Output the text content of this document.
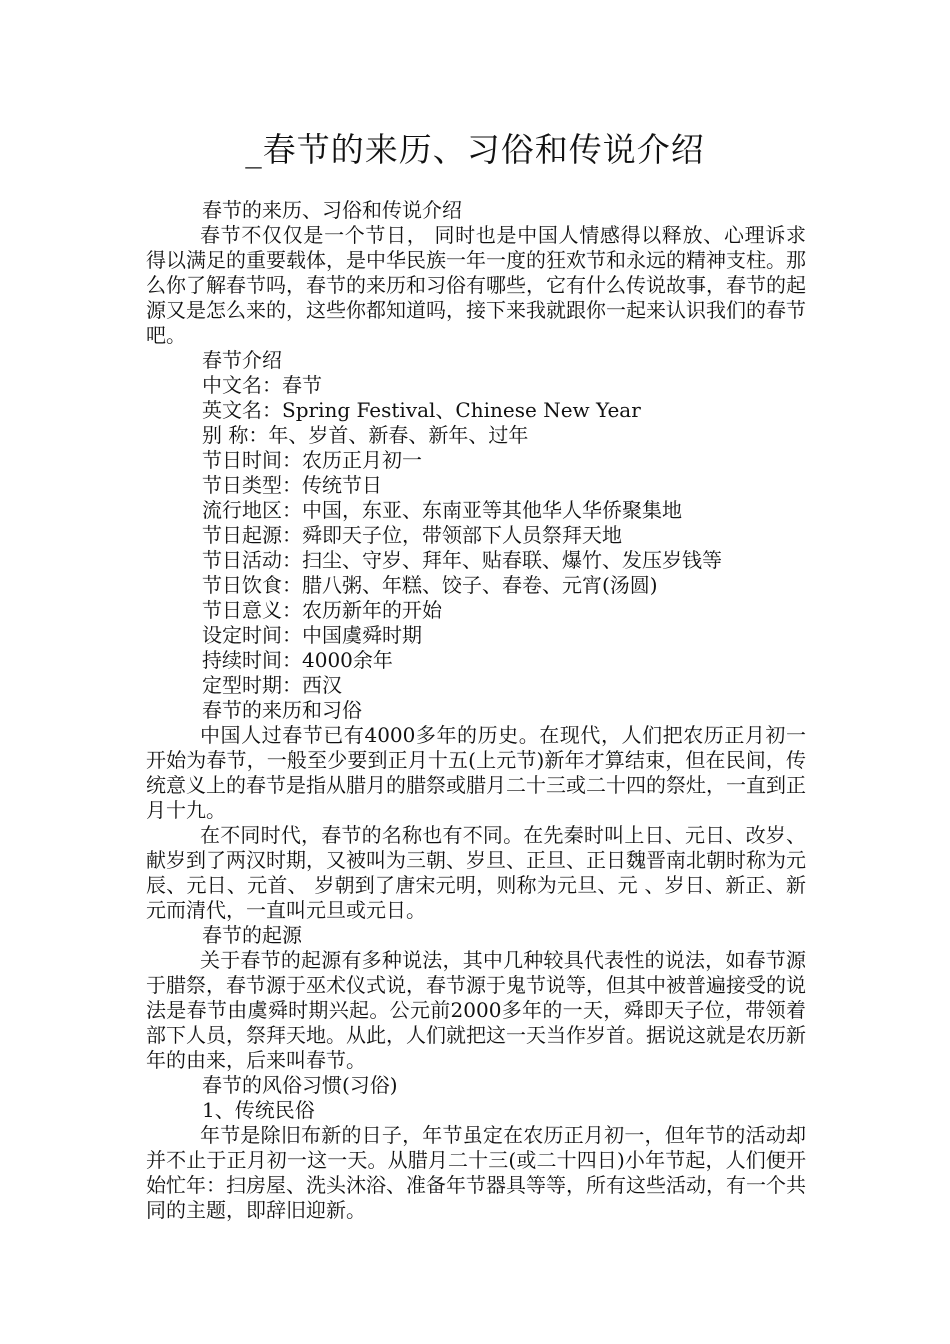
_春节的来历、习俗和传说介绍

春节的来历、习俗和传说介绍

春节不仅仅是一个节日， 同时也是中国人情感得以释放、心理诉求得以满足的重要载体，是中华民族一年一度的狂欢节和永远的精神支柱。那么你了解春节吗，春节的来历和习俗有哪些，它有什么传说故事，春节的起源又是怎么来的，这些你都知道吗，接下来我就跟你一起来认识我们的春节吧。

春节介绍

中文名：春节

英文名：Spring Festival、Chinese New Year

别 称：年、岁首、新春、新年、过年

节日时间：农历正月初一

节日类型：传统节日

流行地区：中国，东亚、东南亚等其他华人华侨聚集地

节日起源：舜即天子位，带领部下人员祭拜天地

节日活动：扫尘、守岁、拜年、贴春联、爆竹、发压岁钱等

节日饮食：腊八粥、年糕、饺子、春卷、元宵(汤圆)

节日意义：农历新年的开始

设定时间：中国虞舜时期

持续时间：4000余年

定型时期：西汉

春节的来历和习俗

中国人过春节已有4000多年的历史。在现代，人们把农历正月初一开始为春节，一般至少要到正月十五(上元节)新年才算结束，但在民间，传统意义上的春节是指从腊月的腊祭或腊月二十三或二十四的祭灶，一直到正月十九。

在不同时代，春节的名称也有不同。在先秦时叫上日、元日、改岁、献岁到了两汉时期，又被叫为三朝、岁旦、正旦、正日魏晋南北朝时称为元辰、元日、元首、 岁朝到了唐宋元明，则称为元旦、元 、岁日、新正、新元而清代，一直叫元旦或元日。

春节的起源

关于春节的起源有多种说法，其中几种较具代表性的说法，如春节源于腊祭，春节源于巫术仪式说，春节源于鬼节说等，但其中被普遍接受的说法是春节由虞舜时期兴起。公元前2000多年的一天，舜即天子位，带领着部下人员，祭拜天地。从此，人们就把这一天当作岁首。据说这就是农历新年的由来，后来叫春节。

春节的风俗习惯(习俗)

1、传统民俗

年节是除旧布新的日子，年节虽定在农历正月初一，但年节的活动却并不止于正月初一这一天。从腊月二十三(或二十四日)小年节起，人们便开始忙年：扫房屋、洗头沐浴、准备年节器具等等，所有这些活动，有一个共同的主题，即辞旧迎新。
